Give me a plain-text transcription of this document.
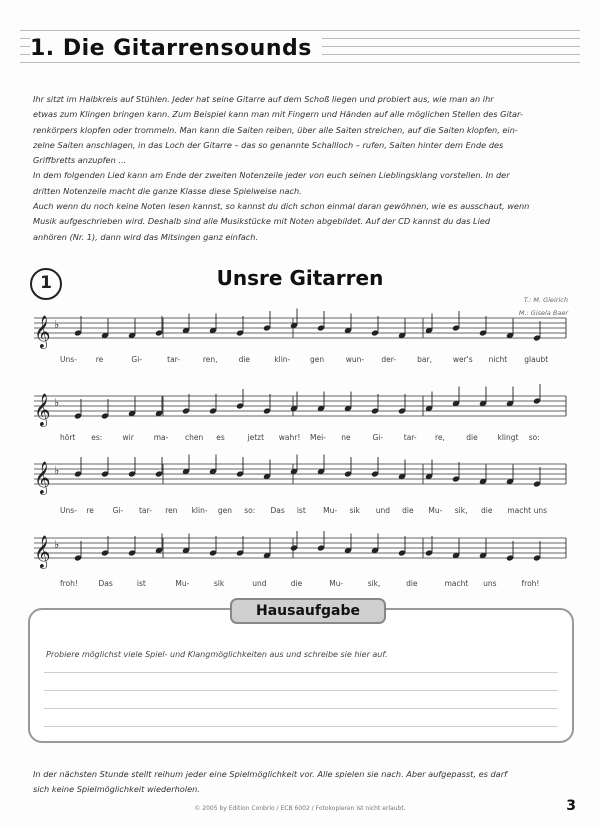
1. Die Gitarrensounds

Ihr sitzt im Halbkreis auf Stühlen. Jeder hat seine Gitarre auf dem Schoß liegen und probiert aus, wie man an ihr

etwas zum Klingen bringen kann. Zum Beispiel kann man mit Fingern und Händen auf alle möglichen Stellen des Gitar-

renkörpers klopfen oder trommeln. Man kann die Saiten reiben, über alle Saiten streichen, auf die Saiten klopfen, ein-

zelne Saiten anschlagen, in das Loch der Gitarre – das so genannte Schallloch – rufen, Saiten hinter dem Ende des

Griffbretts anzupfen ...

In dem folgenden Lied kann am Ende der zweiten Notenzeile jeder von euch seinen Lieblingsklang vorstellen. In der

dritten Notenzeile macht die ganze Klasse diese Spielweise nach.

Auch wenn du noch keine Noten lesen kannst, so kannst du dich schon einmal daran gewöhnen, wie es ausschaut, wenn

Musik aufgeschrieben wird. Deshalb sind alle Musikstücke mit Noten abgebildet. Auf der CD kannst du das Lied

anhören (Nr. 1), dann wird das Mitsingen ganz einfach.

1	Unsre Gitarren
T.: M. Gleirich
M.: Gisela Baer
𝄞 ♭
Uns-	re	Gi-	tar-	ren,	die	klin-	gen	wun- der-	bar,	wer's nicht glaubt
𝄞 ♭
hört es:	wir	ma- chen es	jetzt wahr! Mei- ne	Gi-	tar- re,	die	klingt so:
𝄞 ♭
Uns- re	Gi- tar- ren klin- gen so: Das ist Mu- sik und die Mu- sik, die macht uns
𝄞 ♭
froh!	Das	ist	Mu-	sik	und	die	Mu-	sik,	die	macht uns	froh!
Hausaufgabe
Probiere möglichst viele Spiel- und Klangmöglichkeiten aus und schreibe sie hier auf.

In der nächsten Stunde stellt reihum jeder eine Spielmöglichkeit vor. Alle spielen sie nach. Aber aufgepasst, es darf

sich keine Spielmöglichkeit wiederholen.

© 2005 by Edition Conbrio / ECB 6002 / Fotokopieren ist nicht erlaubt.	3
